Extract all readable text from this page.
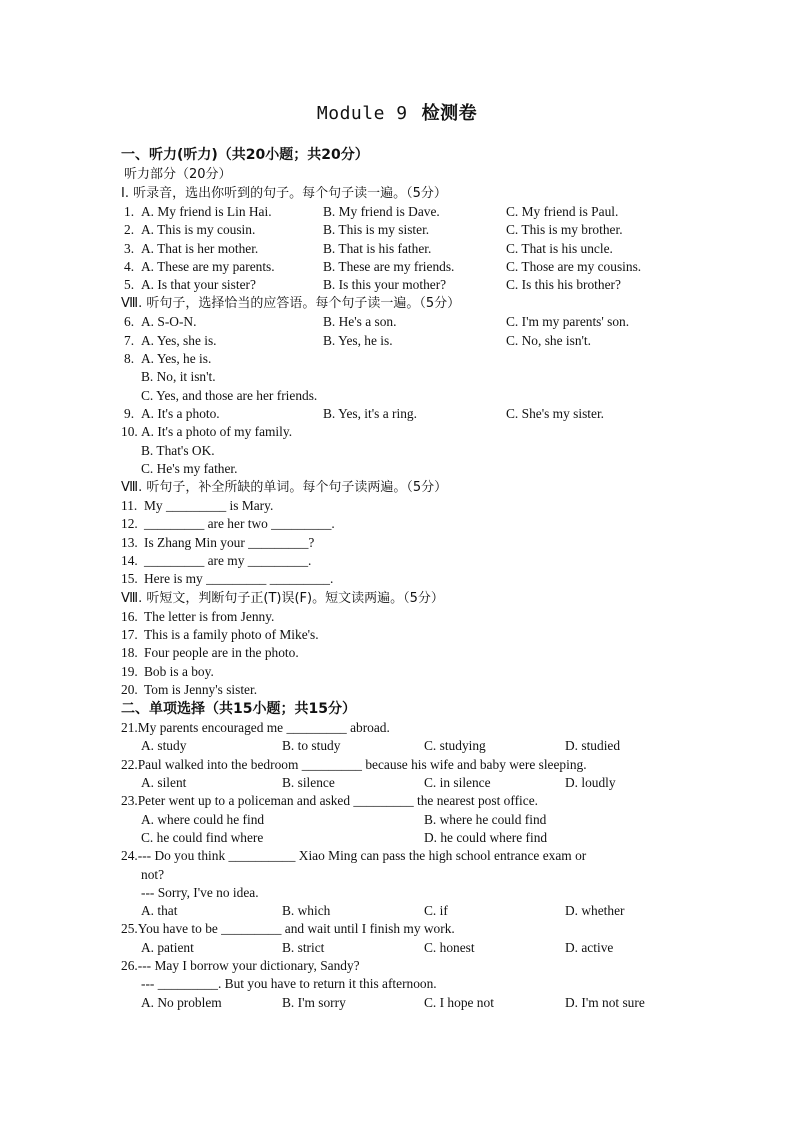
Module 9 检测卷
一、听力(听力)（共20小题；共20分）
听力部分（20分）
Ⅰ. 听录音，选出你听到的句子。每个句子读一遍。（5分）
1. A. My friend is Lin Hai.	B. My friend is Dave.	C. My friend is Paul.
2. A. This is my cousin.	B. This is my sister.	C. This is my brother.
3. A. That is her mother.	B. That is his father.	C. That is his uncle.
4. A. These are my parents.	B. These are my friends.	C. Those are my cousins.
5. A. Is that your sister?	B. Is this your mother?	C. Is this his brother?
Ⅷ. 听句子，选择恰当的应答语。每个句子读一遍。（5分）
6. A. S-O-N.	B. He's a son.	C. I'm my parents' son.
7. A. Yes, she is.	B. Yes, he is.	C. No, she isn't.
8. A. Yes, he is.
B. No, it isn't.
C. Yes, and those are her friends.
9. A. It's a photo.	B. Yes, it's a ring.	C. She's my sister.
10. A. It's a photo of my family.
B. That's OK.
C. He's my father.
Ⅷ. 听句子，补全所缺的单词。每个句子读两遍。（5分）
11. My _________ is Mary.
12. _________ are her two _________.
13. Is Zhang Min your _________?
14. _________ are my _________.
15. Here is my _________ _________.
Ⅷ. 听短文，判断句子正(T)误(F)。短文读两遍。（5分）
16. The letter is from Jenny.
17. This is a family photo of Mike's.
18. Four people are in the photo.
19. Bob is a boy.
20. Tom is Jenny's sister.
二、单项选择（共15小题；共15分）
21.My parents encouraged me _________ abroad.
A. study	B. to study	C. studying	D. studied
22.Paul walked into the bedroom _________ because his wife and baby were sleeping.
A. silent	B. silence	C. in silence	D. loudly
23.Peter went up to a policeman and asked _________ the nearest post office.
A. where could he find	B. where he could find
C. he could find where	D. he could where find
24.--- Do you think __________ Xiao Ming can pass the high school entrance exam or
not?
--- Sorry, I've no idea.
A. that	B. which	C. if	D. whether
25.You have to be _________ and wait until I finish my work.
A. patient	B. strict	C. honest	D. active
26.--- May I borrow your dictionary, Sandy?
--- _________. But you have to return it this afternoon.
A. No problem	B. I'm sorry	C. I hope not	D. I'm not sure
